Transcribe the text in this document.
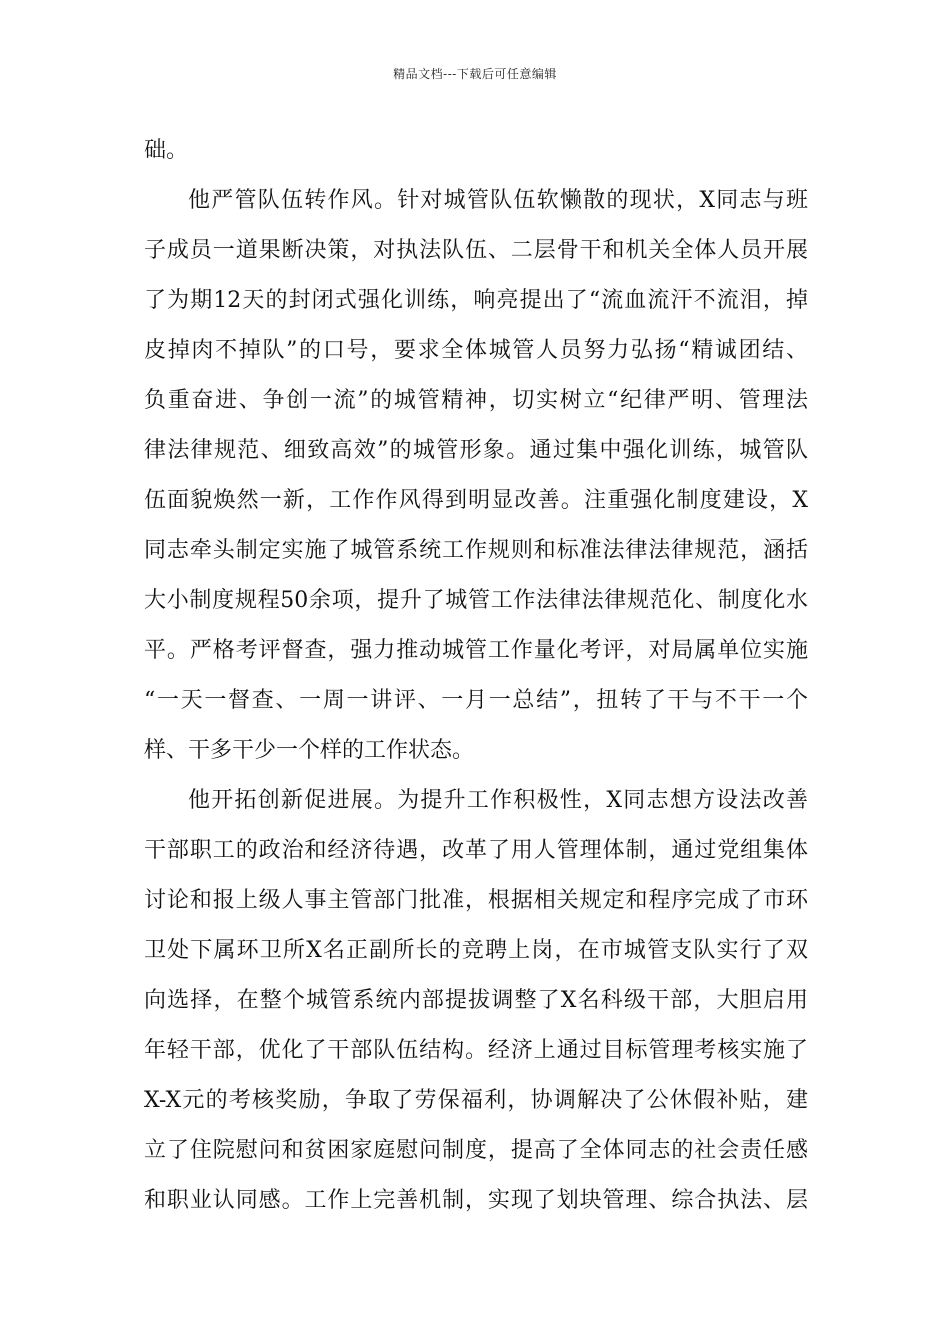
精品文档---下载后可任意编辑
础。
他严管队伍转作风。针对城管队伍软懒散的现状，X同志与班
子成员一道果断决策，对执法队伍、二层骨干和机关全体人员开展
了为期12天的封闭式强化训练，响亮提出了“流血流汗不流泪，掉
皮掉肉不掉队”的口号，要求全体城管人员努力弘扬“精诚团结、
负重奋进、争创一流”的城管精神，切实树立“纪律严明、管理法
律法律规范、细致高效”的城管形象。通过集中强化训练，城管队
伍面貌焕然一新，工作作风得到明显改善。注重强化制度建设，X
同志牵头制定实施了城管系统工作规则和标准法律法律规范，涵括
大小制度规程50余项，提升了城管工作法律法律规范化、制度化水
平。严格考评督查，强力推动城管工作量化考评，对局属单位实施
“一天一督查、一周一讲评、一月一总结”，扭转了干与不干一个
样、干多干少一个样的工作状态。
他开拓创新促进展。为提升工作积极性，X同志想方设法改善
干部职工的政治和经济待遇，改革了用人管理体制，通过党组集体
讨论和报上级人事主管部门批准，根据相关规定和程序完成了市环
卫处下属环卫所X名正副所长的竞聘上岗，在市城管支队实行了双
向选择，在整个城管系统内部提拔调整了X名科级干部，大胆启用
年轻干部，优化了干部队伍结构。经济上通过目标管理考核实施了
X-X元的考核奖励，争取了劳保福利，协调解决了公休假补贴，建
立了住院慰问和贫困家庭慰问制度，提高了全体同志的社会责任感
和职业认同感。工作上完善机制，实现了划块管理、综合执法、层
